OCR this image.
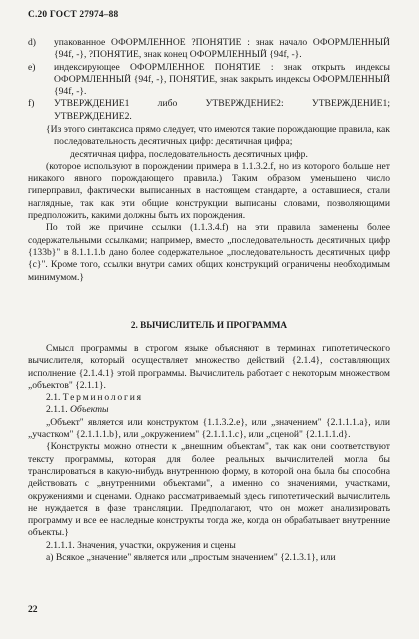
С.20 ГОСТ 27974–88
d)	упакованное ОФОРМЛЕННОЕ ?ПОНЯТИЕ : знак начало ОФОРМЛЕННЫЙ {94f, -}, ?ПОНЯТИЕ, знак конец ОФОРМЛЕННЫЙ {94f, -}.
e)	индексирующее ОФОРМЛЕННОЕ ПОНЯТИЕ : знак открыть индексы ОФОРМЛЕННЫЙ {94f, -}, ПОНЯТИЕ, знак закрыть индексы ОФОРМЛЕННЫЙ {94f, -}.
f)	УТВЕРЖДЕНИЕ1 либо УТВЕРЖДЕНИЕ2: УТВЕРЖДЕНИЕ1; УТВЕРЖДЕНИЕ2.

{Из этого синтаксиса прямо следует, что имеются такие порождающие правила, как

последовательность десятичных цифр: десятичная цифра;

десятичная цифра, последовательность десятичных цифр.

(которое используют в порождении примера в 1.1.3.2.f, но из которого больше нет никакого явного порождающего правила.) Таким образом уменьшено число гиперправил, фактически выписанных в настоящем стандарте, а оставшиеся, стали наглядные, так как эти общие конструкции выписаны словами, позволяющими предположить, какими должны быть их порождения.

По той же причине ссылки (1.1.3.4.f) на эти правила заменены более содержательными ссылками; например, вместо „последовательность десятичных цифр {133b}" в 8.1.1.1.b дано более содержательное „последовательность десятичных цифр {c}". Кроме того, ссылки внутри самих общих конструкций ограничены необходимым минимумом.}

2. ВЫЧИСЛИТЕЛЬ И ПРОГРАММА

Смысл программы в строгом языке объясняют в терминах гипотетического вычислителя, который осуществляет множество действий {2.1.4}, составляющих исполнение {2.1.4.1} этой программы. Вычислитель работает с некоторым множеством „объектов" {2.1.1}.

2.1. Терминология

2.1.1. Объекты

„Объект" является или конструктом {1.1.3.2.е}, или „значением" {2.1.1.1.а}, или „участком" {2.1.1.1.b}, или „окружением" {2.1.1.1.с}, или „сценой" {2.1.1.1.d}.

{Конструкты можно отнести к „внешним объектам", так как они соответствуют тексту программы, которая для более реальных вычислителей могла бы транслироваться в какую-нибудь внутреннюю форму, в которой она была бы способна действовать с „внутренними объектами", а именно со значениями, участками, окружениями и сценами. Однако рассматриваемый здесь гипотетический вычислитель не нуждается в фазе трансляции. Предполагают, что он может анализировать программу и все ее наследные конструкты тогда же, когда он обрабатывает внутренние объекты.}

2.1.1.1. Значения, участки, окружения и сцены

а) Всякое „значение" является или „простым значением" {2.1.3.1}, или

22
